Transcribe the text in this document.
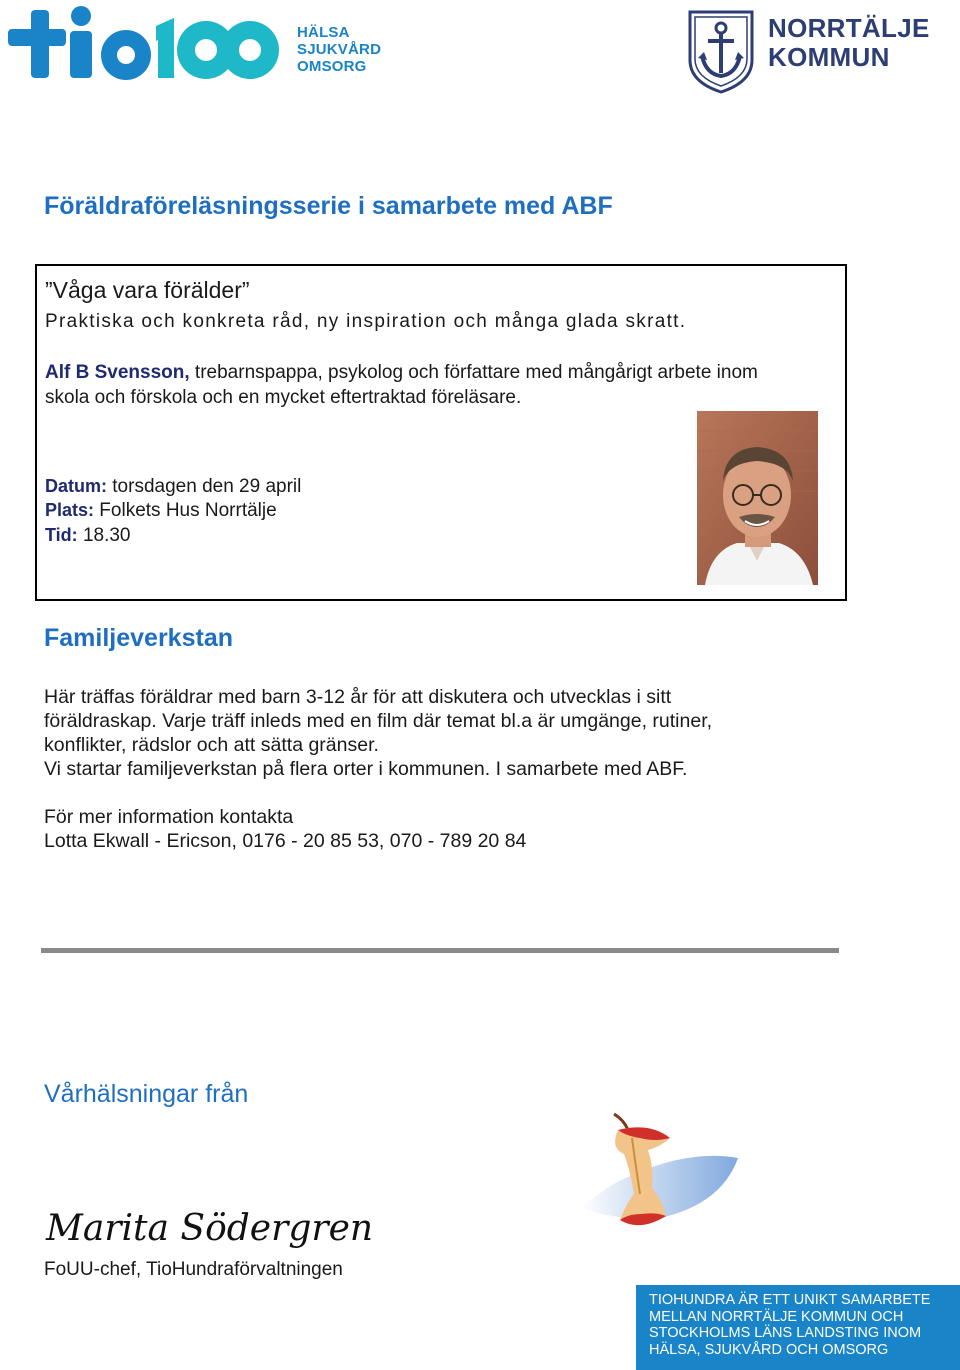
HÄLSA
SJUKVÅRD
OMSORG
NORRTÄLJE
KOMMUN
Föräldraföreläsningsserie i samarbete med ABF
”Våga vara förälder”
Praktiska och konkreta råd, ny inspiration och många glada skratt.
Alf B Svensson, trebarnspappa, psykolog och författare med mångårigt arbete inom
skola och förskola och en mycket eftertraktad föreläsare.
Datum: torsdagen den 29 april
Plats: Folkets Hus Norrtälje
Tid: 18.30
Familjeverkstan
Här träffas föräldrar med barn 3-12 år för att diskutera och utvecklas i sitt
föräldraskap. Varje träff inleds med en film där temat bl.a är umgänge, rutiner,
konflikter, rädslor och att sätta gränser.
Vi startar familjeverkstan på flera orter i kommunen. I samarbete med ABF.
För mer information kontakta
Lotta Ekwall - Ericson, 0176 - 20 85 53, 070 - 789 20 84
Vårhälsningar från
Marita Södergren
FoUU-chef, TioHundraförvaltningen
TIOHUNDRA ÄR ETT UNIKT SAMARBETE
MELLAN NORRTÄLJE KOMMUN OCH
STOCKHOLMS LÄNS LANDSTING INOM
HÄLSA, SJUKVÅRD OCH OMSORG
